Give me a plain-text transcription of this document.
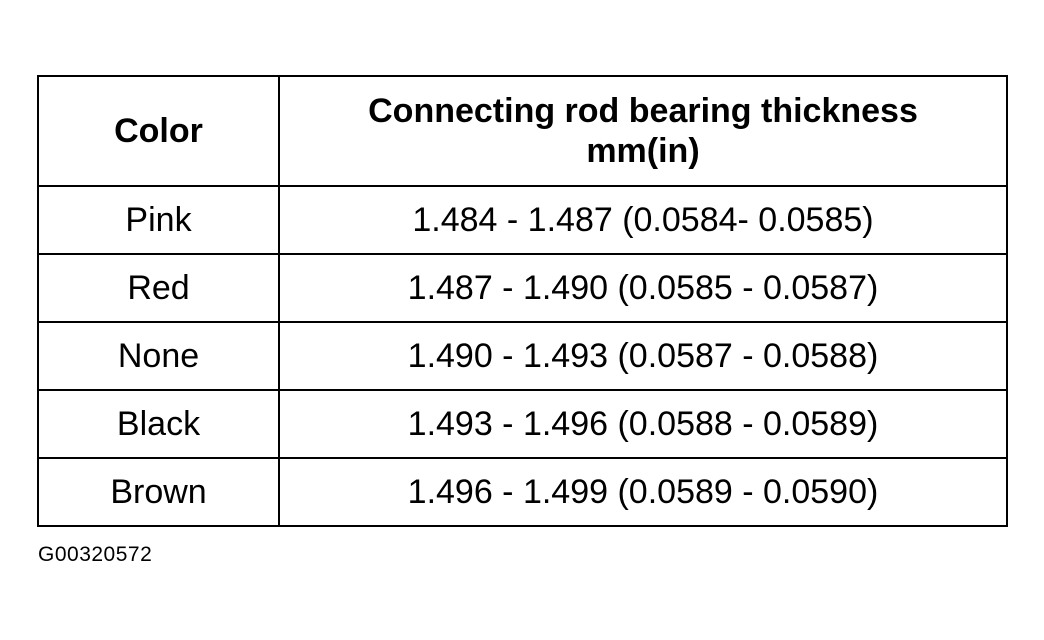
Color	Connecting rod bearing thickness
mm(in)

Pink	1.484 - 1.487 (0.0584- 0.0585)
Red	1.487 - 1.490 (0.0585 - 0.0587)
None	1.490 - 1.493 (0.0587 - 0.0588)
Black	1.493 - 1.496 (0.0588 - 0.0589)
Brown	1.496 - 1.499 (0.0589 - 0.0590)
G00320572
